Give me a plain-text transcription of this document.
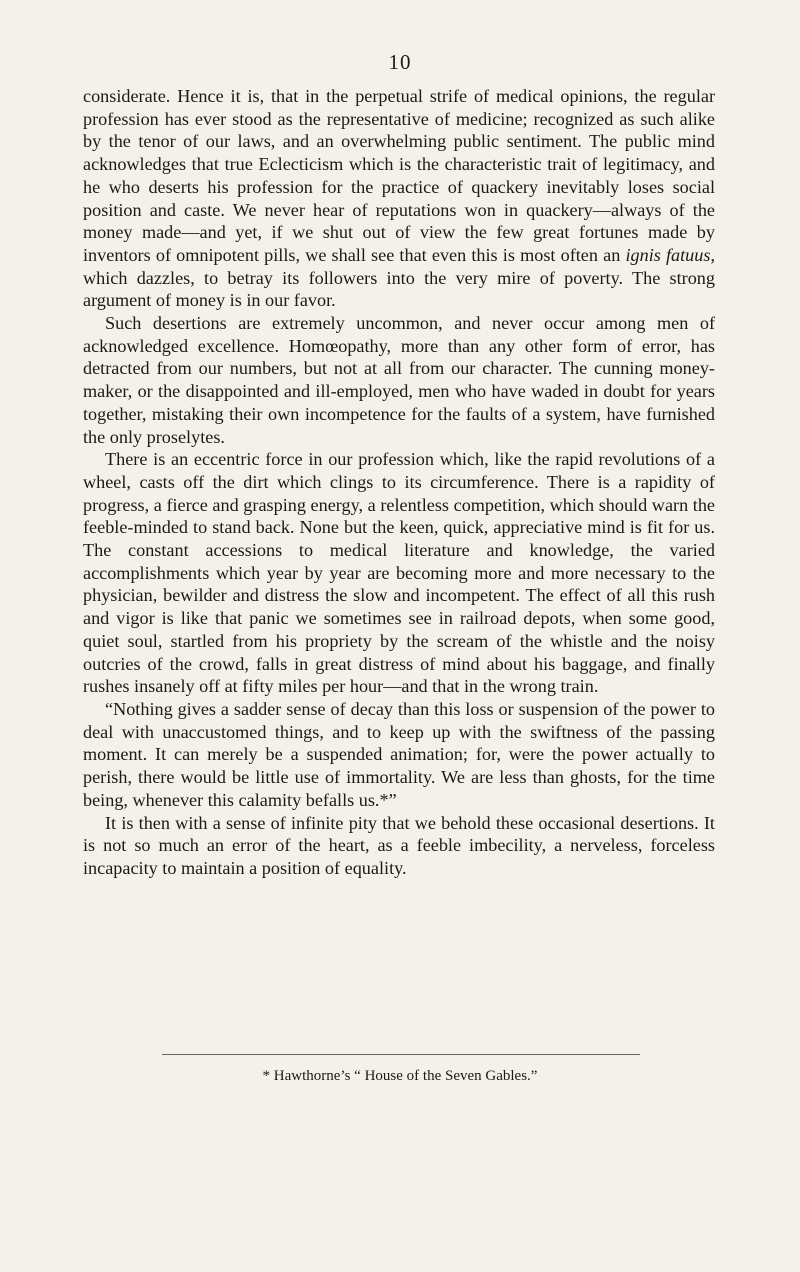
10

considerate. Hence it is, that in the perpetual strife of medical opinions, the regular profession has ever stood as the representative of medicine; recognized as such alike by the tenor of our laws, and an overwhelming public sentiment. The public mind acknowledges that true Eclecticism which is the characteristic trait of legitimacy, and he who deserts his profession for the practice of quackery inevitably loses social position and caste. We never hear of reputations won in quackery—always of the money made—and yet, if we shut out of view the few great fortunes made by inventors of omnipotent pills, we shall see that even this is most often an ignis fatuus, which dazzles, to betray its followers into the very mire of poverty. The strong argument of money is in our favor.

Such desertions are extremely uncommon, and never occur among men of acknowledged excellence. Homœopathy, more than any other form of error, has detracted from our numbers, but not at all from our character. The cunning money-maker, or the disappointed and ill-employed, men who have waded in doubt for years together, mistaking their own incompetence for the faults of a system, have furnished the only proselytes.

There is an eccentric force in our profession which, like the rapid revolutions of a wheel, casts off the dirt which clings to its circumference. There is a rapidity of progress, a fierce and grasping energy, a relentless competition, which should warn the feeble-minded to stand back. None but the keen, quick, appreciative mind is fit for us. The constant accessions to medical literature and knowledge, the varied accomplishments which year by year are becoming more and more necessary to the physician, bewilder and distress the slow and incompetent. The effect of all this rush and vigor is like that panic we sometimes see in railroad depots, when some good, quiet soul, startled from his propriety by the scream of the whistle and the noisy outcries of the crowd, falls in great distress of mind about his baggage, and finally rushes insanely off at fifty miles per hour—and that in the wrong train.

“Nothing gives a sadder sense of decay than this loss or suspension of the power to deal with unaccustomed things, and to keep up with the swiftness of the passing moment. It can merely be a suspended animation; for, were the power actually to perish, there would be little use of immortality. We are less than ghosts, for the time being, whenever this calamity befalls us.*”

It is then with a sense of infinite pity that we behold these occasional desertions. It is not so much an error of the heart, as a feeble imbecility, a nerveless, forceless incapacity to maintain a position of equality.

* Hawthorne’s “ House of the Seven Gables.”
